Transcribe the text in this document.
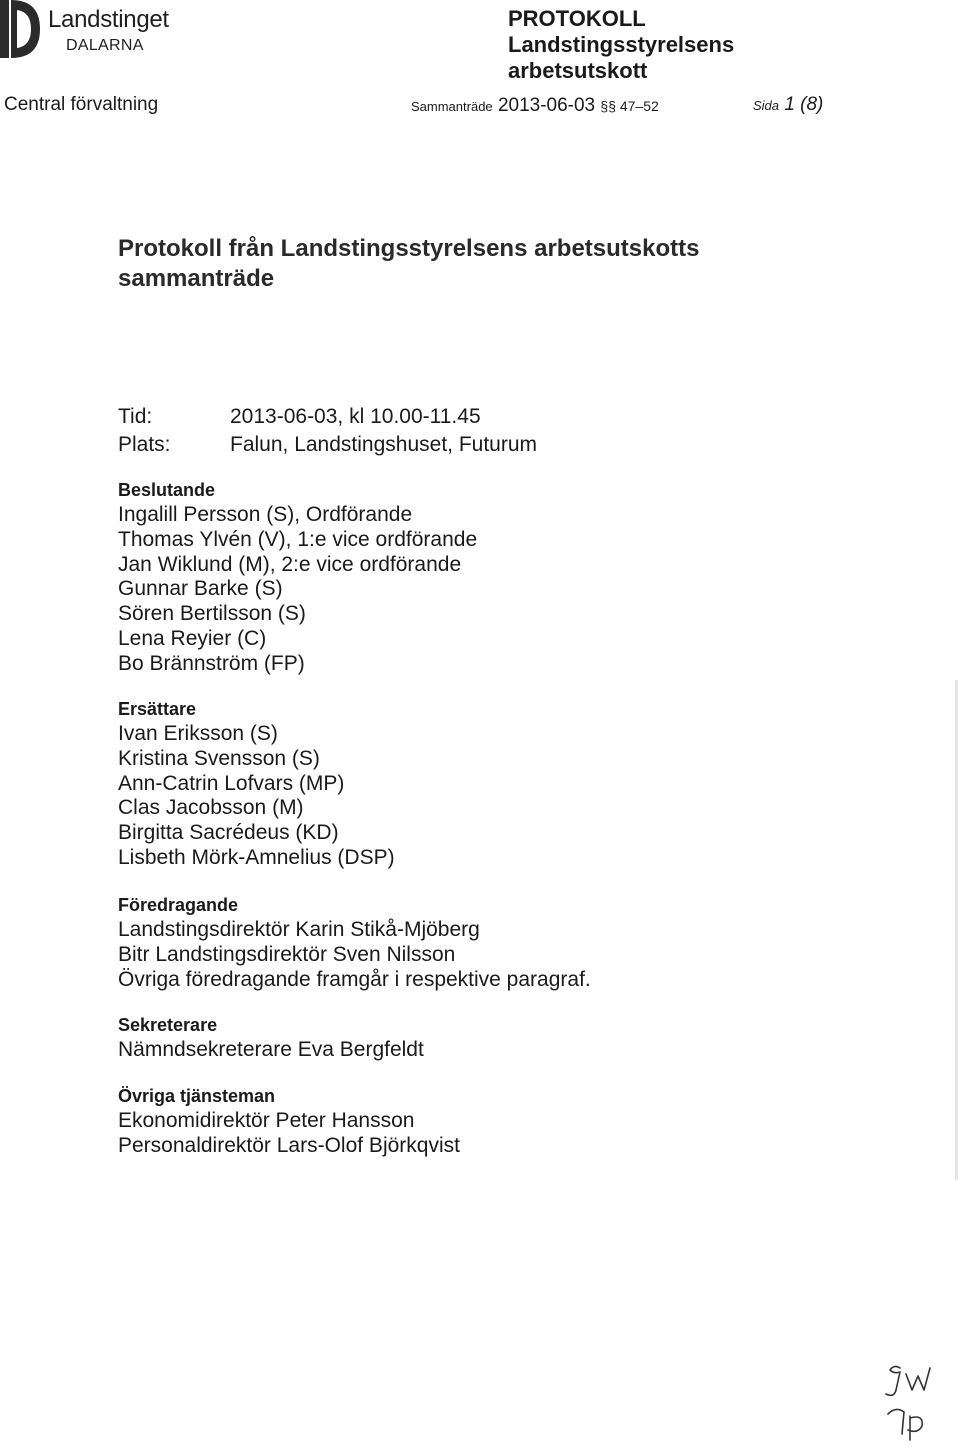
Landstinget
DALARNA
PROTOKOLL
Landstingsstyrelsens arbetsutskott
Central förvaltning	Sammanträde 2013-06-03 §§ 47–52	Sida 1 (8)
Protokoll från Landstingsstyrelsens arbetsutskotts sammanträde
Tid:	2013-06-03, kl 10.00-11.45
Plats:	Falun, Landstingshuset, Futurum
Beslutande
Ingalill Persson (S), Ordförande
Thomas Ylvén (V), 1:e vice ordförande
Jan Wiklund (M), 2:e vice ordförande
Gunnar Barke (S)
Sören Bertilsson (S)
Lena Reyier (C)
Bo Brännström (FP)
Ersättare
Ivan Eriksson (S)
Kristina Svensson (S)
Ann-Catrin Lofvars (MP)
Clas Jacobsson (M)
Birgitta Sacrédeus (KD)
Lisbeth Mörk-Amnelius (DSP)
Föredragande
Landstingsdirektör Karin Stikå-Mjöberg
Bitr Landstingsdirektör Sven Nilsson
Övriga föredragande framgår i respektive paragraf.
Sekreterare
Nämndsekreterare Eva Bergfeldt
Övriga tjänsteman
Ekonomidirektör Peter Hansson
Personaldirektör Lars-Olof Björkqvist
